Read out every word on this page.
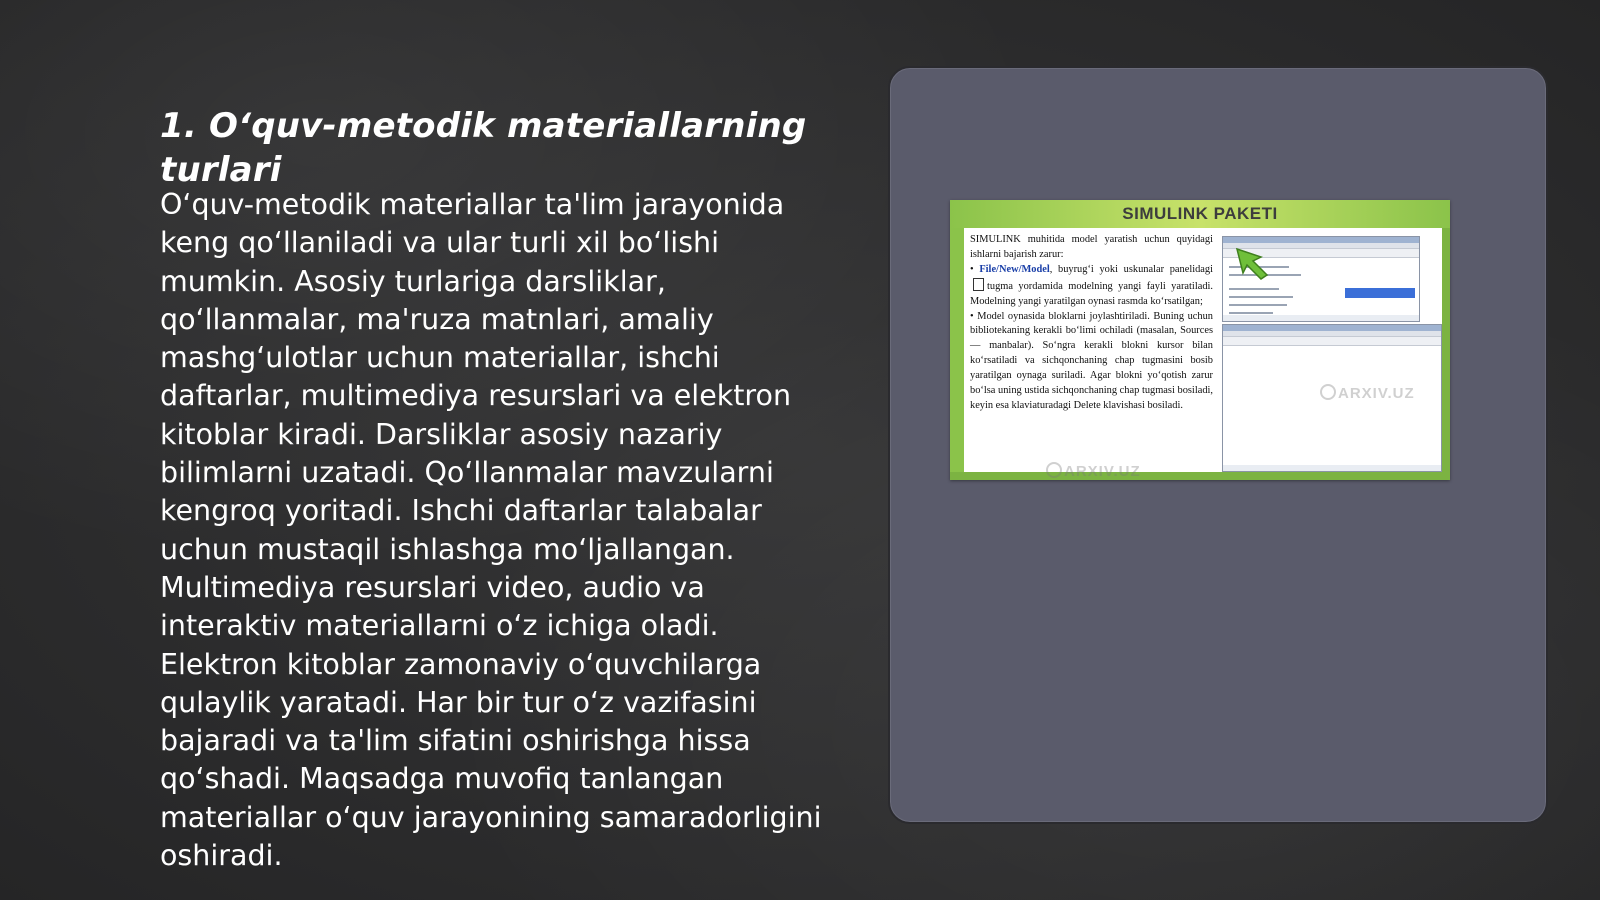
1. O‘quv-metodik materiallarning turlari

O‘quv-metodik materiallar ta'lim jarayonida keng qo‘llaniladi va ular turli xil bo‘lishi mumkin. Asosiy turlariga darsliklar, qo‘llanmalar, ma'ruza matnlari, amaliy mashg‘ulotlar uchun materiallar, ishchi daftarlar, multimediya resurslari va elektron kitoblar kiradi. Darsliklar asosiy nazariy bilimlarni uzatadi. Qo‘llanmalar mavzularni kengroq yoritadi. Ishchi daftarlar talabalar uchun mustaqil ishlashga mo‘ljallangan. Multimediya resurslari video, audio va interaktiv materiallarni o‘z ichiga oladi. Elektron kitoblar zamonaviy o‘quvchilarga qulaylik yaratadi. Har bir tur o‘z vazifasini bajaradi va ta'lim sifatini oshirishga hissa qo‘shadi. Maqsadga muvofiq tanlangan materiallar o‘quv jarayonining samaradorligini oshiradi.

SIMULINK PAKETI

SIMULINK muhitida model yaratish uchun quyidagi ishlarni bajarish zarur:

• File/New/Model, buyrug‘i yoki uskunalar panelidagitugma yordamida modelning yangi fayli yaratiladi. Modelning yangi yaratilgan oynasi rasmda ko‘rsatilgan;

• Model oynasida bloklarni joylashtiriladi. Buning uchun bibliotekaning kerakli bo‘limi ochiladi (masalan, Sources— manbalar). So‘ngra kerakli blokni kursor bilan ko‘rsatiladi va sichqonchaning chap tugmasini bosib yaratilgan oynaga suriladi. Agar blokni yo‘qotish zarur bo‘lsa uning ustida sichqonchaning chap tugmasi bosiladi, keyin esa klaviaturadagi Delete klavishasi bosiladi.

ARXIV.UZ
ARXIV.UZ
